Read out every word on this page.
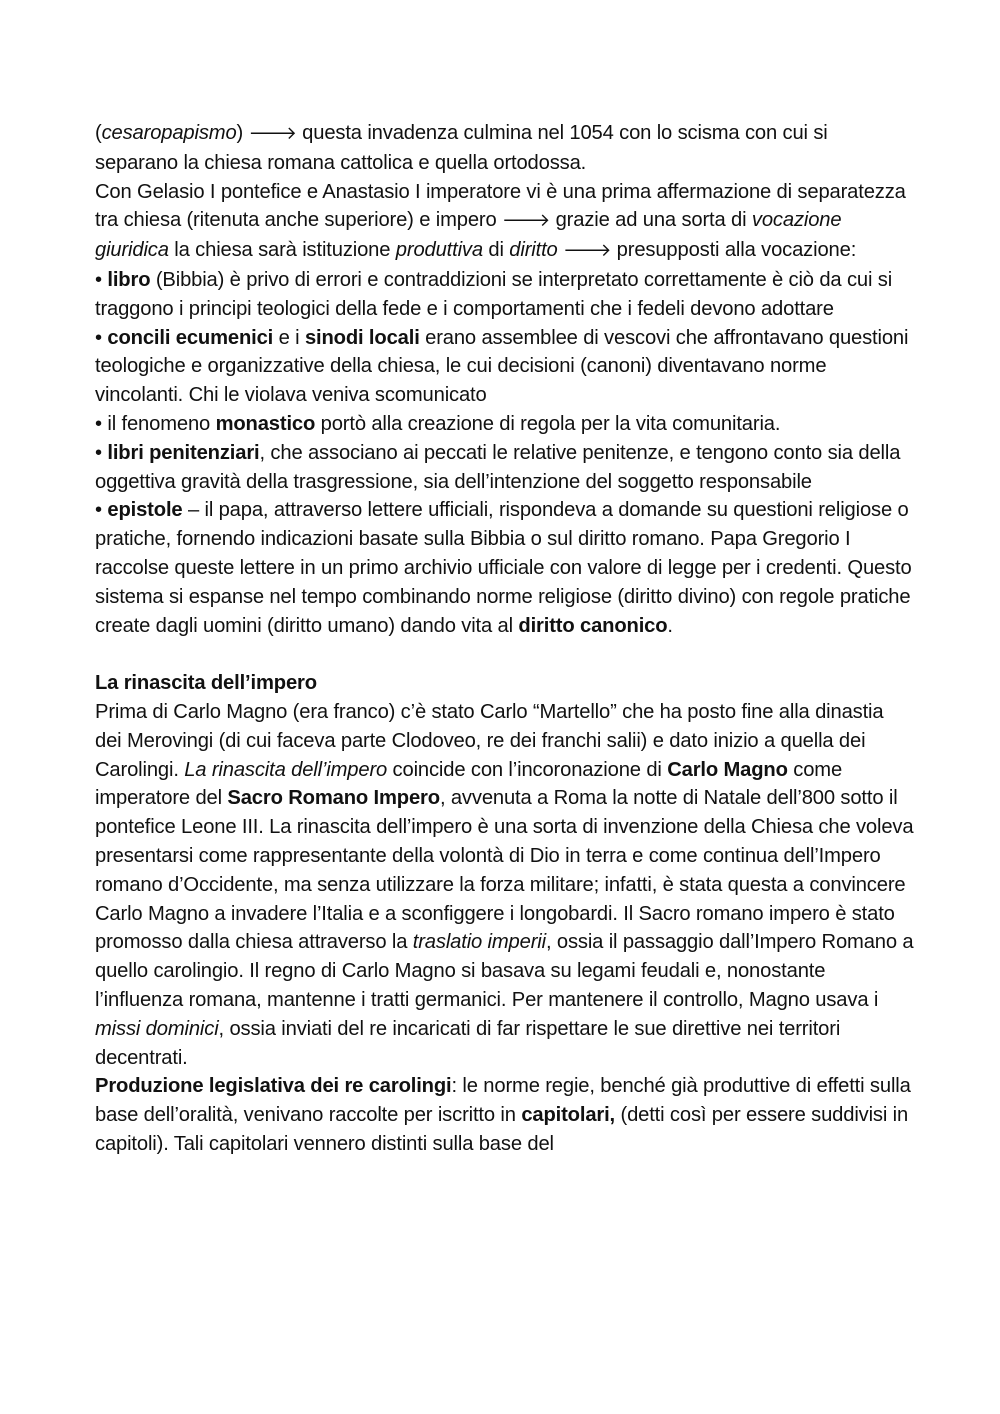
(cesaropapismo) 🡒 questa invadenza culmina nel 1054 con lo scisma con cui si separano la chiesa romana cattolica e quella ortodossa.

Con Gelasio I pontefice e Anastasio I imperatore vi è una prima affermazione di separatezza tra chiesa (ritenuta anche superiore) e impero 🡒 grazie ad una sorta di vocazione giuridica la chiesa sarà istituzione produttiva di diritto 🡒 presupposti alla vocazione:

• libro (Bibbia) è privo di errori e contraddizioni se interpretato correttamente è ciò da cui si traggono i principi teologici della fede e i comportamenti che i fedeli devono adottare

• concili ecumenici e i sinodi locali erano assemblee di vescovi che affrontavano questioni teologiche e organizzative della chiesa, le cui decisioni (canoni) diventavano norme vincolanti. Chi le violava veniva scomunicato

• il fenomeno monastico portò alla creazione di regola per la vita comunitaria.

• libri penitenziari, che associano ai peccati le relative penitenze, e tengono conto sia della oggettiva gravità della trasgressione, sia dell’intenzione del soggetto responsabile

• epistole – il papa, attraverso lettere ufficiali, rispondeva a domande su questioni religiose o pratiche, fornendo indicazioni basate sulla Bibbia o sul diritto romano. Papa Gregorio I raccolse queste lettere in un primo archivio ufficiale con valore di legge per i credenti. Questo sistema si espanse nel tempo combinando norme religiose (diritto divino) con regole pratiche create dagli uomini (diritto umano) dando vita al diritto canonico.

La rinascita dell’impero

Prima di Carlo Magno (era franco) c’è stato Carlo “Martello” che ha posto fine alla dinastia dei Merovingi (di cui faceva parte Clodoveo, re dei franchi salii) e dato inizio a quella dei Carolingi. La rinascita dell’impero coincide con l’incoronazione di Carlo Magno come imperatore del Sacro Romano Impero, avvenuta a Roma la notte di Natale dell’800 sotto il pontefice Leone III. La rinascita dell’impero è una sorta di invenzione della Chiesa che voleva presentarsi come rappresentante della volontà di Dio in terra e come continua dell’Impero romano d’Occidente, ma senza utilizzare la forza militare; infatti, è stata questa a convincere Carlo Magno a invadere l’Italia e a sconfiggere i longobardi. Il Sacro romano impero è stato promosso dalla chiesa attraverso la traslatio imperii, ossia il passaggio dall’Impero Romano a quello carolingio. Il regno di Carlo Magno si basava su legami feudali e, nonostante l’influenza romana, mantenne i tratti germanici. Per mantenere il controllo, Magno usava i missi dominici, ossia inviati del re incaricati di far rispettare le sue direttive nei territori decentrati.

Produzione legislativa dei re carolingi: le norme regie, benché già produttive di effetti sulla base dell’oralità, venivano raccolte per iscritto in capitolari, (detti così per essere suddivisi in capitoli). Tali capitolari vennero distinti sulla base del
